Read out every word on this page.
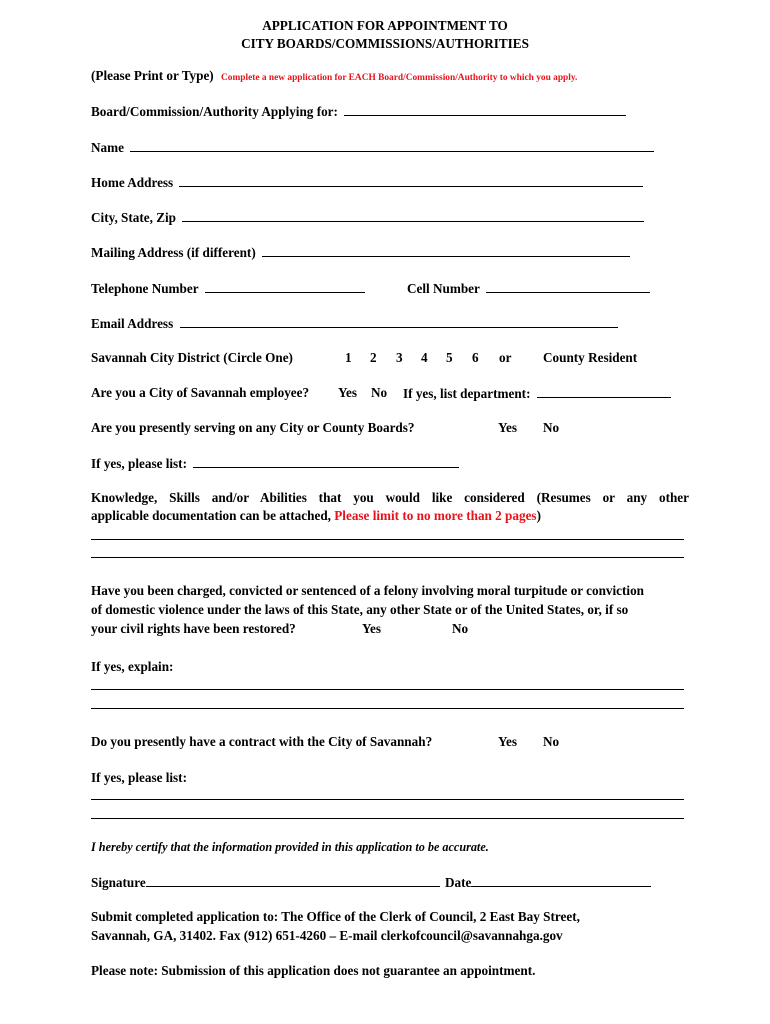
APPLICATION FOR APPOINTMENT TO
CITY BOARDS/COMMISSIONS/AUTHORITIES
(Please Print or Type) Complete a new application for EACH Board/Commission/Authority to which you apply.
Board/Commission/Authority Applying for:
Name
Home Address
City, State, Zip
Mailing Address (if different)
Telephone Number	Cell Number
Email Address
Savannah City District (Circle One)	1 2 3 4 5 6 or County Resident
Are you a City of Savannah employee? Yes No If yes, list department:
Are you presently serving on any City or County Boards?	Yes No
If yes, please list:
Knowledge, Skills and/or Abilities that you would like considered (Resumes or any other
applicable documentation can be attached, Please limit to no more than 2 pages)
Have you been charged, convicted or sentenced of a felony involving moral turpitude or conviction
of domestic violence under the laws of this State, any other State or of the United States, or, if so
your civil rights have been restored?	Yes	No
If yes, explain:
Do you presently have a contract with the City of Savannah?	Yes No
If yes, please list:
I hereby certify that the information provided in this application to be accurate.
Signature	Date
Submit completed application to: The Office of the Clerk of Council, 2 East Bay Street,
Savannah, GA, 31402. Fax (912) 651-4260 – E-mail clerkofcouncil@savannahga.gov
Please note: Submission of this application does not guarantee an appointment.
